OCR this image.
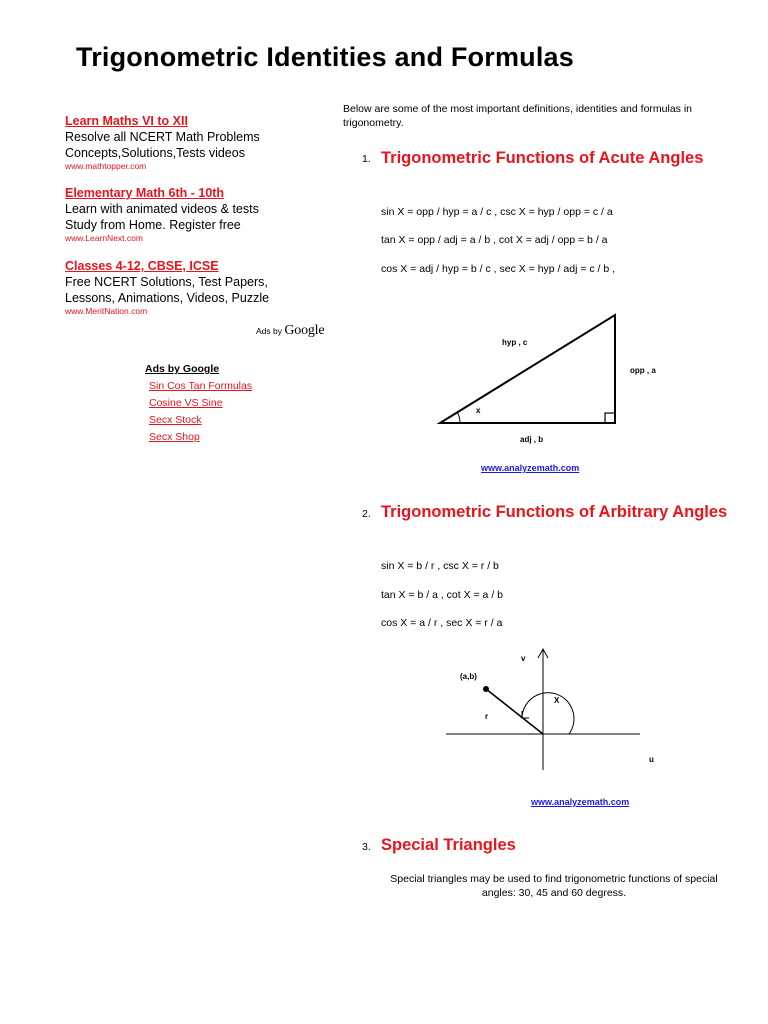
Trigonometric Identities and Formulas
Learn Maths VI to XII
Resolve all NCERT Math Problems
Concepts,Solutions,Tests videos
www.mathtopper.com
Elementary Math 6th - 10th
Learn with animated videos & tests
Study from Home. Register free
www.LearnNext.com
Classes 4-12, CBSE, ICSE
Free NCERT Solutions, Test Papers,
Lessons, Animations, Videos, Puzzle
www.MeritNation.com
Ads by Google
Ads by Google
Sin Cos Tan Formulas
Cosine VS Sine
Secx Stock
Secx Shop
Below are some of the most important definitions, identities and formulas in trigonometry.
1. Trigonometric Functions of Acute Angles
sin X = opp / hyp = a / c , csc X = hyp / opp = c / a
tan X = opp / adj = a / b , cot X = adj / opp = b / a
cos X = adj / hyp = b / c , sec X = hyp / adj = c / b ,
hyp , c
opp , a
adj , b
x
www.analyzemath.com
2. Trigonometric Functions of Arbitrary Angles
sin X = b / r , csc X = r / b
tan X = b / a , cot X = a / b
cos X = a / r , sec X = r / a
(a,b)
r
X
v
u
www.analyzemath.com
3. Special Triangles
Special triangles may be used to find trigonometric functions of special angles: 30, 45 and 60 degress.
